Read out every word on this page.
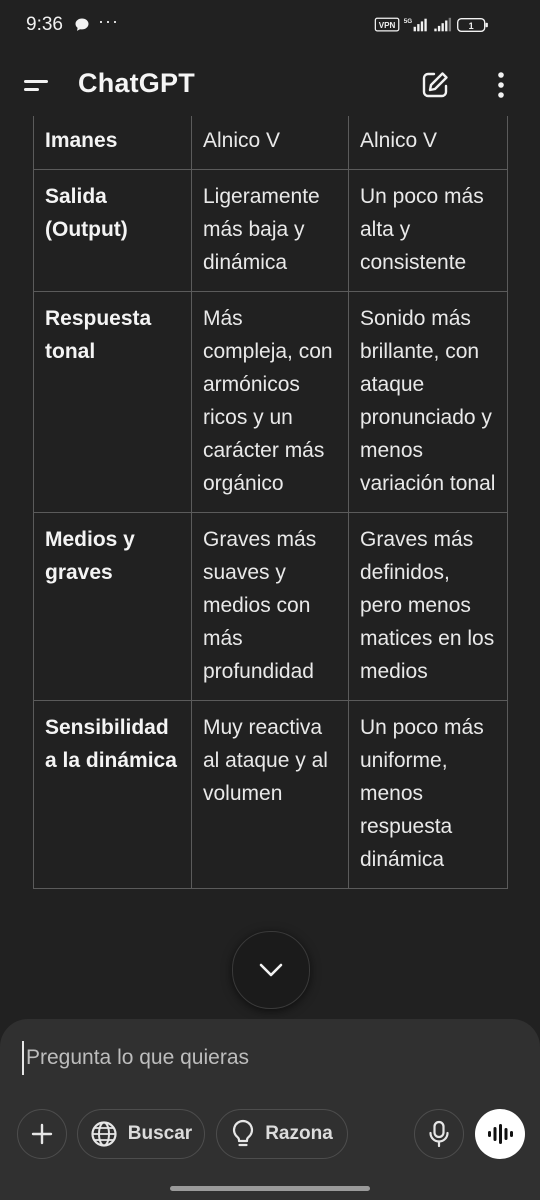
9:36 ···	VPN 5G	1
ChatGPT
Imanes	Alnico V	Alnico V
Salida (Output)	Ligeramente más baja y dinámica	Un poco más alta y consistente
Respuesta tonal	Más compleja, con armónicos ricos y un carácter más orgánico	Sonido más brillante, con ataque pronunciado y menos variación tonal
Medios y graves	Graves más suaves y medios con más profundidad	Graves más definidos, pero menos matices en los medios
Sensibilidad a la dinámica	Muy reactiva al ataque y al volumen	Un poco más uniforme, menos respuesta dinámica
Pregunta lo que quieras
Buscar	Razona
